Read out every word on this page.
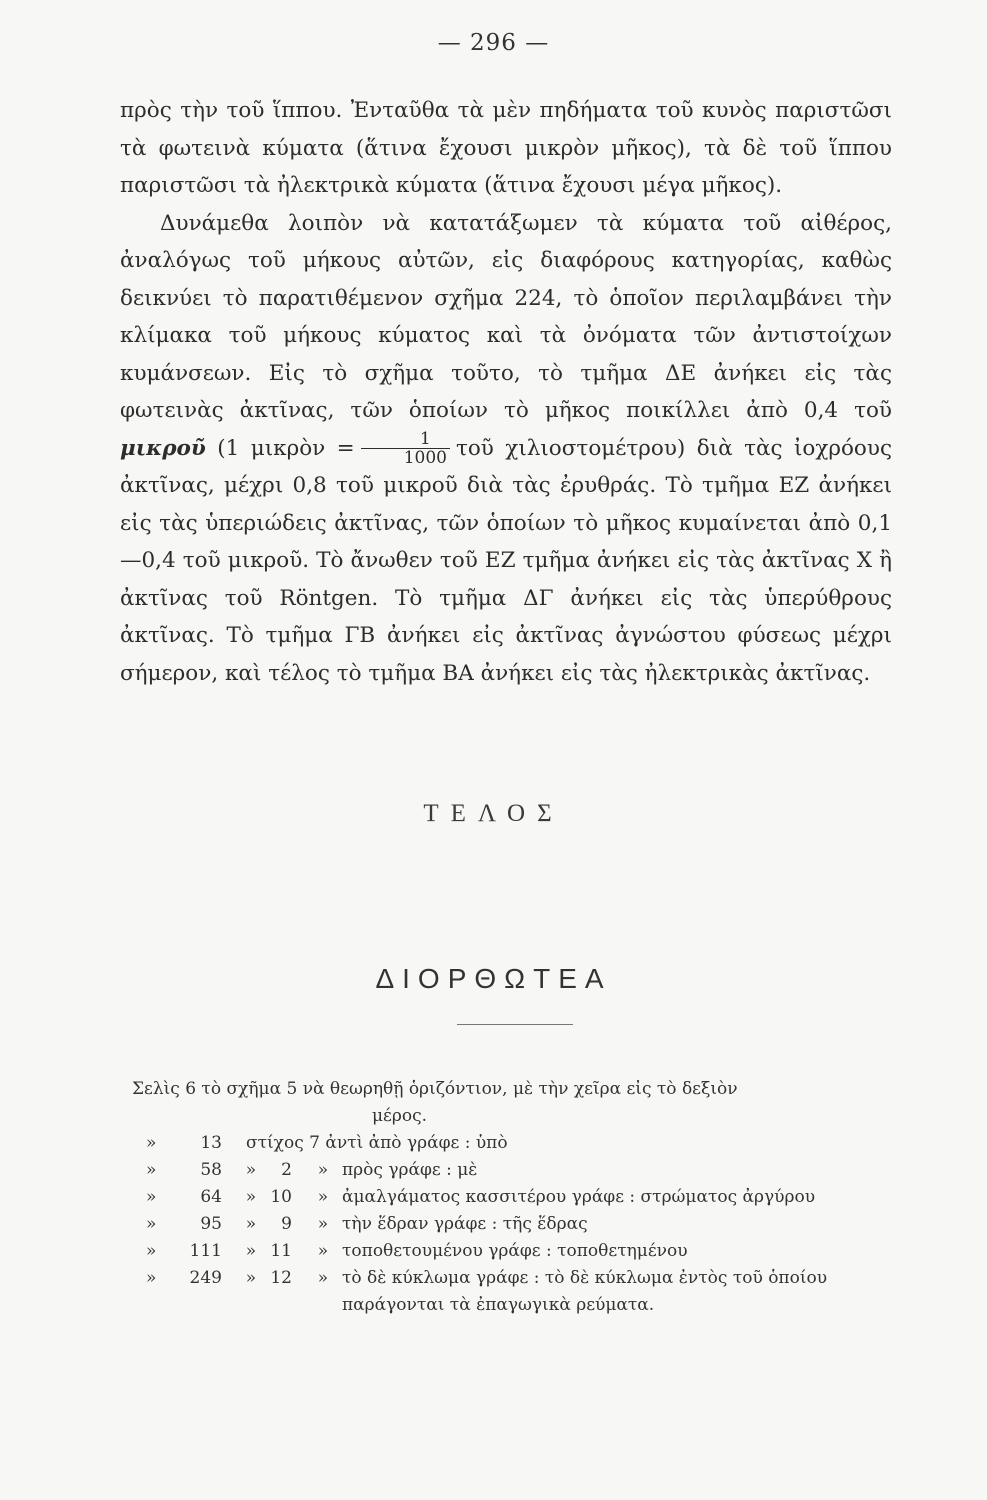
— 296 —

πρὸς τὴν τοῦ ἵππου. Ἐνταῦθα τὰ μὲν πηδήματα τοῦ κυνὸς παριστῶσι τὰ φωτεινὰ κύματα (ἅτινα ἔχουσι μικρὸν μῆκος), τὰ δὲ τοῦ ἵππου παριστῶσι τὰ ἠλεκτρικὰ κύματα (ἅτινα ἔχουσι μέγα μῆκος).

Δυνάμεθα λοιπὸν νὰ κατατάξωμεν τὰ κύματα τοῦ αἰθέρος, ἀναλόγως τοῦ μήκους αὐτῶν, εἰς διαφόρους κατηγορίας, καθὼς δεικνύει τὸ παρατιθέμενον σχῆμα 224, τὸ ὁποῖον περιλαμβάνει τὴν κλίμακα τοῦ μήκους κύματος καὶ τὰ ὀνόματα τῶν ἀντιστοίχων κυμάνσεων. Εἰς τὸ σχῆμα τοῦτο, τὸ τμῆμα ΔΕ ἀνήκει εἰς τὰς φωτεινὰς ἀκτῖνας, τῶν ὁποίων τὸ μῆκος ποικίλλει ἀπὸ 0,4 τοῦ μικροῦ (1 μικρὸν = $\frac{1}{1000}$ τοῦ χιλιοστομέτρου) διὰ τὰς ἰοχρόους ἀκτῖνας, μέχρι 0,8 τοῦ μικροῦ διὰ τὰς ἐρυθράς. Τὸ τμῆμα ΕΖ ἀνήκει εἰς τὰς ὑπεριώδεις ἀκτῖνας, τῶν ὁποίων τὸ μῆκος κυμαίνεται ἀπὸ 0,1—0,4 τοῦ μικροῦ. Τὸ ἄνωθεν τοῦ ΕΖ τμῆμα ἀνήκει εἰς τὰς ἀκτῖνας Χ ἢ ἀκτῖνας τοῦ Röntgen. Τὸ τμῆμα ΔΓ ἀνήκει εἰς τὰς ὑπερύθρους ἀκτῖνας. Τὸ τμῆμα ΓΒ ἀνήκει εἰς ἀκτῖνας ἀγνώστου φύσεως μέχρι σήμερον, καὶ τέλος τὸ τμῆμα ΒΑ ἀνήκει εἰς τὰς ἠλεκτρικὰς ἀκτῖνας.

ΤΕΛΟΣ
ΔΙΟΡΘΩΤΕΑ
Σελὶς 6 τὸ σχῆμα 5 νὰ θεωρηθῇ ὁριζόντιον, μὲ τὴν χεῖρα εἰς τὸ δεξιὸν
μέρος.
»	13	στίχος 7 ἀντὶ ἀπὸ γράφε : ὑπὸ
»	58	»	2	» πρὸς γράφε : μὲ
»	64	» 10	» ἀμαλγάματος κασσιτέρου γράφε : στρώματος ἀργύρου
»	95	»	9	» τὴν ἕδραν γράφε : τῆς ἕδρας
»	111	» 11	» τοποθετουμένου γράφε : τοποθετημένου
»	249	» 12	» τὸ δὲ κύκλωμα γράφε : τὸ δὲ κύκλωμα ἐντὸς τοῦ ὁποίου παράγονται τὰ ἐπαγωγικὰ ρεύματα.
